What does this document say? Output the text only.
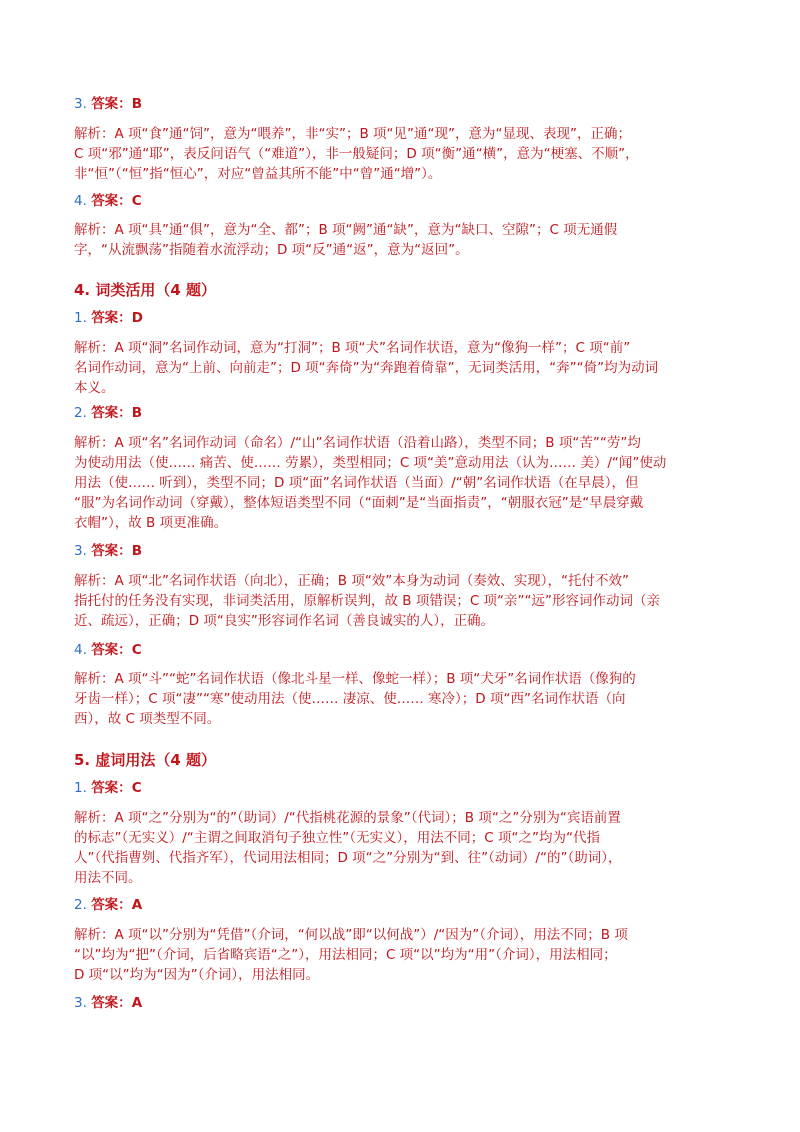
3. 答案：B
解析：A 项“食”通“饲”，意为“喂养”，非“实”；B 项“见”通“现”，意为“显现、表现”，正确；
C 项“邪”通“耶”，表反问语气（“难道”），非一般疑问；D 项“衡”通“横”，意为“梗塞、不顺”，
非“恒”（“恒”指“恒心”，对应“曾益其所不能”中“曾”通“增”）。
4. 答案：C
解析：A 项“具”通“俱”，意为“全、都”；B 项“阙”通“缺”，意为“缺口、空隙”；C 项无通假
字，“从流飘荡”指随着水流浮动；D 项“反”通“返”，意为“返回”。
4. 词类活用（4 题）
1. 答案：D
解析：A 项“洞”名词作动词，意为“打洞”；B 项“犬”名词作状语，意为“像狗一样”；C 项“前”
名词作动词，意为“上前、向前走”；D 项“奔倚”为“奔跑着倚靠”，无词类活用，“奔”“倚”均为动词
本义。
2. 答案：B
解析：A 项“名”名词作动词（命名）/“山”名词作状语（沿着山路），类型不同；B 项“苦”“劳”均
为使动用法（使…… 痛苦、使…… 劳累），类型相同；C 项“美”意动用法（认为…… 美）/“闻”使动
用法（使…… 听到），类型不同；D 项“面”名词作状语（当面）/“朝”名词作状语（在早晨），但
“服”为名词作动词（穿戴），整体短语类型不同（“面刺”是“当面指责”，“朝服衣冠”是“早晨穿戴
衣帽”），故 B 项更准确。
3. 答案：B
解析：A 项“北”名词作状语（向北），正确；B 项“效”本身为动词（奏效、实现），“托付不效”
指托付的任务没有实现，非词类活用，原解析误判，故 B 项错误；C 项“亲”“远”形容词作动词（亲
近、疏远），正确；D 项“良实”形容词作名词（善良诚实的人），正确。
4. 答案：C
解析：A 项“斗”“蛇”名词作状语（像北斗星一样、像蛇一样）；B 项“犬牙”名词作状语（像狗的
牙齿一样）；C 项“凄”“寒”使动用法（使…… 凄凉、使…… 寒冷）；D 项“西”名词作状语（向
西），故 C 项类型不同。
5. 虚词用法（4 题）
1. 答案：C
解析：A 项“之”分别为“的”（助词）/“代指桃花源的景象”（代词）；B 项“之”分别为“宾语前置
的标志”（无实义）/“主谓之间取消句子独立性”（无实义），用法不同；C 项“之”均为“代指
人”（代指曹刿、代指齐军），代词用法相同；D 项“之”分别为“到、往”（动词）/“的”（助词），
用法不同。
2. 答案：A
解析：A 项“以”分别为“凭借”（介词，“何以战”即“以何战”）/“因为”（介词），用法不同；B 项
“以”均为“把”（介词，后省略宾语“之”），用法相同；C 项“以”均为“用”（介词），用法相同；
D 项“以”均为“因为”（介词），用法相同。
3. 答案：A
